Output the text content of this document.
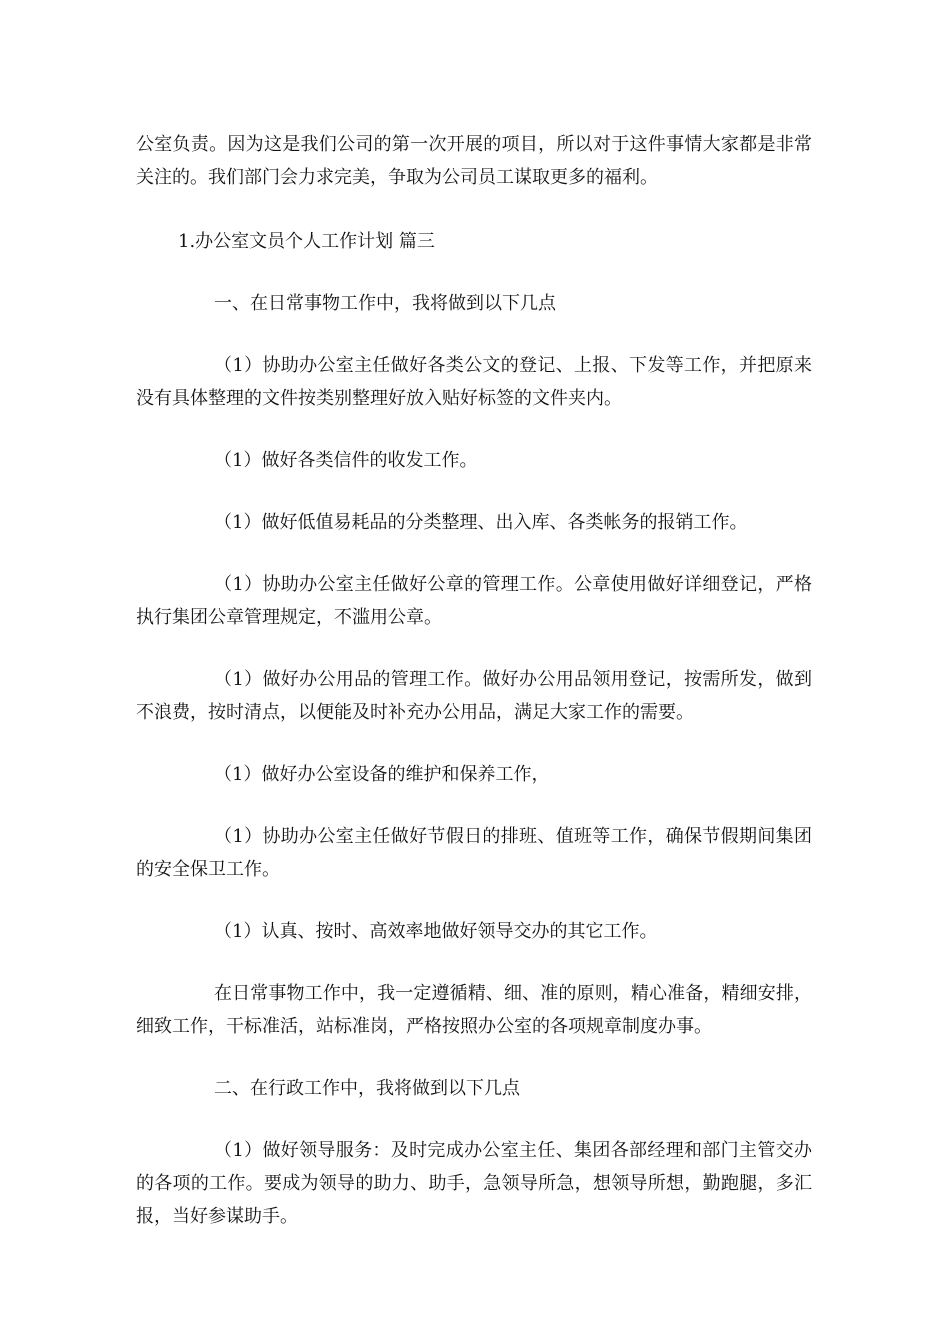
公室负责。因为这是我们公司的第一次开展的项目，所以对于这件事情大家都是非常关注的。我们部门会力求完美，争取为公司员工谋取更多的福利。

1.办公室文员个人工作计划 篇三

一、在日常事物工作中，我将做到以下几点

（1）协助办公室主任做好各类公文的登记、上报、下发等工作，并把原来没有具体整理的文件按类别整理好放入贴好标签的文件夹内。

（1）做好各类信件的收发工作。

（1）做好低值易耗品的分类整理、出入库、各类帐务的报销工作。

（1）协助办公室主任做好公章的管理工作。公章使用做好详细登记，严格执行集团公章管理规定，不滥用公章。

（1）做好办公用品的管理工作。做好办公用品领用登记，按需所发，做到不浪费，按时清点，以便能及时补充办公用品，满足大家工作的需要。

（1）做好办公室设备的维护和保养工作，

（1）协助办公室主任做好节假日的排班、值班等工作，确保节假期间集团的安全保卫工作。

（1）认真、按时、高效率地做好领导交办的其它工作。

在日常事物工作中，我一定遵循精、细、准的原则，精心准备，精细安排，细致工作，干标准活，站标准岗，严格按照办公室的各项规章制度办事。

二、在行政工作中，我将做到以下几点

（1）做好领导服务：及时完成办公室主任、集团各部经理和部门主管交办的各项的工作。要成为领导的助力、助手，急领导所急，想领导所想，勤跑腿，多汇报，当好参谋助手。
